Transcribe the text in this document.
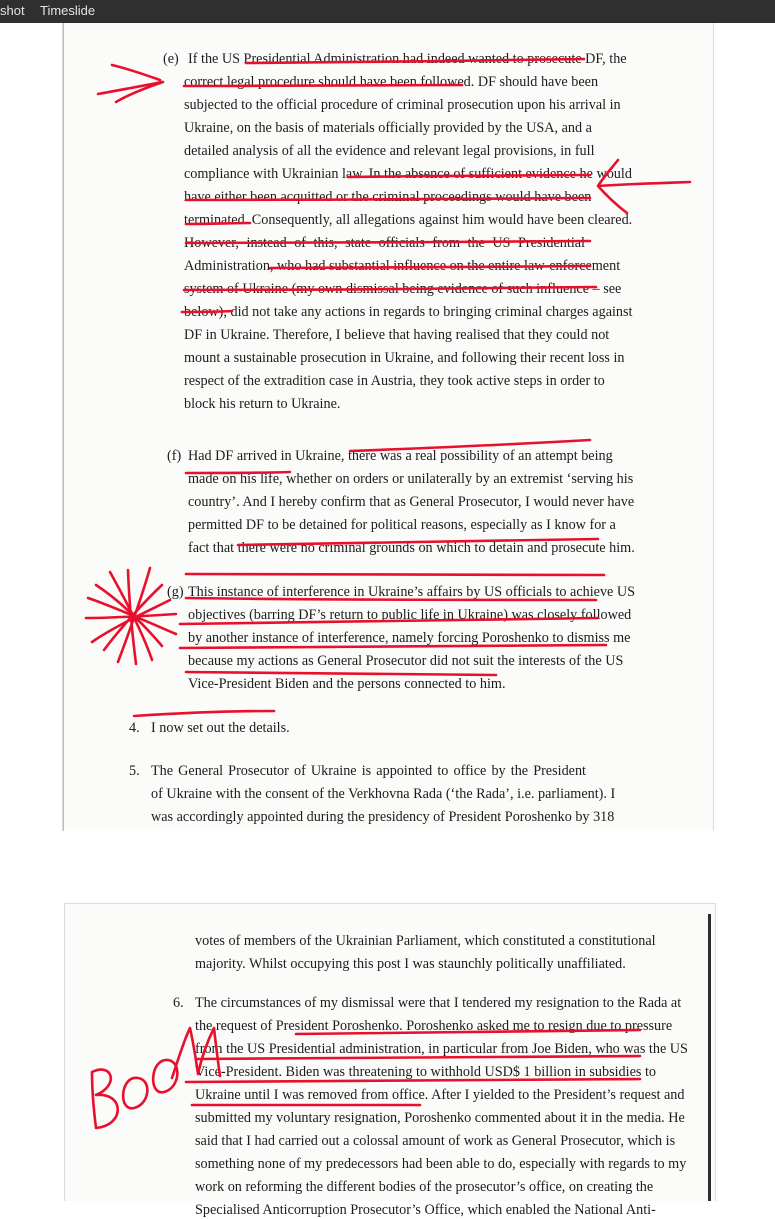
shot Timeslide
(e) If the US Presidential Administration had indeed wanted to prosecute DF, the
correct legal procedure should have been followed. DF should have been
subjected to the official procedure of criminal prosecution upon his arrival in
Ukraine, on the basis of materials officially provided by the USA, and a
detailed analysis of all the evidence and relevant legal provisions, in full
compliance with Ukrainian law. In the absence of sufficient evidence he would
have either been acquitted or the criminal proceedings would have been
terminated. Consequently, all allegations against him would have been cleared.
However, instead of this, state officials from the US Presidential
Administration, who had substantial influence on the entire law-enforcement
system of Ukraine (my own dismissal being evidence of such influence – see
below), did not take any actions in regards to bringing criminal charges against
DF in Ukraine. Therefore, I believe that having realised that they could not
mount a sustainable prosecution in Ukraine, and following their recent loss in
respect of the extradition case in Austria, they took active steps in order to
block his return to Ukraine.
(f) Had DF arrived in Ukraine, there was a real possibility of an attempt being
made on his life, whether on orders or unilaterally by an extremist ‘serving his
country’. And I hereby confirm that as General Prosecutor, I would never have
permitted DF to be detained for political reasons, especially as I know for a
fact that there were no criminal grounds on which to detain and prosecute him.
(g) This instance of interference in Ukraine’s affairs by US officials to achieve US
objectives (barring DF’s return to public life in Ukraine) was closely followed
by another instance of interference, namely forcing Poroshenko to dismiss me
because my actions as General Prosecutor did not suit the interests of the US
Vice-President Biden and the persons connected to him.
4. I now set out the details.
5. The General Prosecutor of Ukraine is appointed to office by the President
of Ukraine with the consent of the Verkhovna Rada (‘the Rada’, i.e. parliament). I
was accordingly appointed during the presidency of President Poroshenko by 318
votes of members of the Ukrainian Parliament, which constituted a constitutional
majority. Whilst occupying this post I was staunchly politically unaffiliated.
6. The circumstances of my dismissal were that I tendered my resignation to the Rada at
the request of President Poroshenko. Poroshenko asked me to resign due to pressure
from the US Presidential administration, in particular from Joe Biden, who was the US
Vice-President. Biden was threatening to withhold USD$ 1 billion in subsidies to
Ukraine until I was removed from office. After I yielded to the President’s request and
submitted my voluntary resignation, Poroshenko commented about it in the media. He
said that I had carried out a colossal amount of work as General Prosecutor, which is
something none of my predecessors had been able to do, especially with regards to my
work on reforming the different bodies of the prosecutor’s office, on creating the
Specialised Anticorruption Prosecutor’s Office, which enabled the National Anti-
